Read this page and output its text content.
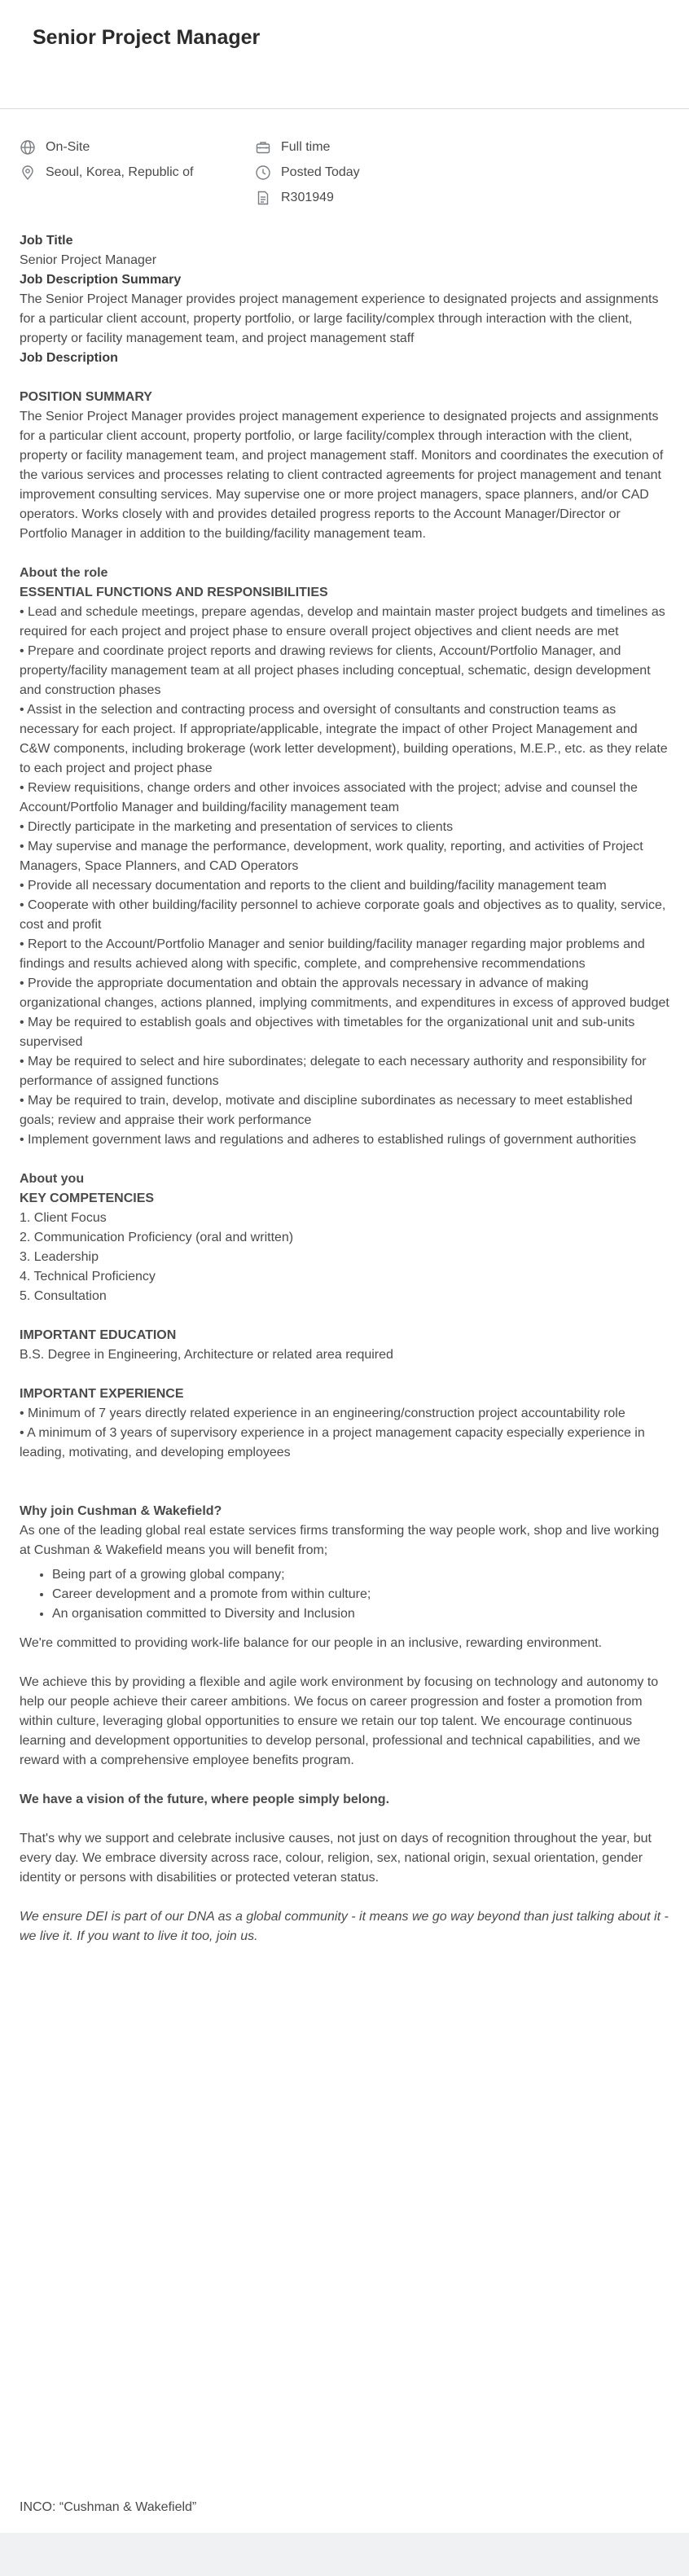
Senior Project Manager
On-Site
Seoul, Korea, Republic of
Full time
Posted Today
R301949

Job Title

Senior Project Manager

Job Description Summary

The Senior Project Manager provides project management experience to designated projects and assignments for a particular client account, property portfolio, or large facility/complex through interaction with the client, property or facility management team, and project management staff

Job Description

POSITION SUMMARY

The Senior Project Manager provides project management experience to designated projects and assignments for a particular client account, property portfolio, or large facility/complex through interaction with the client, property or facility management team, and project management staff. Monitors and coordinates the execution of the various services and processes relating to client contracted agreements for project management and tenant improvement consulting services. May supervise one or more project managers, space planners, and/or CAD operators. Works closely with and provides detailed progress reports to the Account Manager/Director or Portfolio Manager in addition to the building/facility management team.

About the role

ESSENTIAL FUNCTIONS AND RESPONSIBILITIES

• Lead and schedule meetings, prepare agendas, develop and maintain master project budgets and timelines as required for each project and project phase to ensure overall project objectives and client needs are met

• Prepare and coordinate project reports and drawing reviews for clients, Account/Portfolio Manager, and property/facility management team at all project phases including conceptual, schematic, design development and construction phases

• Assist in the selection and contracting process and oversight of consultants and construction teams as necessary for each project. If appropriate/applicable, integrate the impact of other Project Management and C&W components, including brokerage (work letter development), building operations, M.E.P., etc. as they relate to each project and project phase

• Review requisitions, change orders and other invoices associated with the project; advise and counsel the Account/Portfolio Manager and building/facility management team

• Directly participate in the marketing and presentation of services to clients

• May supervise and manage the performance, development, work quality, reporting, and activities of Project Managers, Space Planners, and CAD Operators

• Provide all necessary documentation and reports to the client and building/facility management team

• Cooperate with other building/facility personnel to achieve corporate goals and objectives as to quality, service, cost and profit

• Report to the Account/Portfolio Manager and senior building/facility manager regarding major problems and findings and results achieved along with specific, complete, and comprehensive recommendations

• Provide the appropriate documentation and obtain the approvals necessary in advance of making organizational changes, actions planned, implying commitments, and expenditures in excess of approved budget

• May be required to establish goals and objectives with timetables for the organizational unit and sub-units supervised

• May be required to select and hire subordinates; delegate to each necessary authority and responsibility for performance of assigned functions

• May be required to train, develop, motivate and discipline subordinates as necessary to meet established goals; review and appraise their work performance

• Implement government laws and regulations and adheres to established rulings of government authorities

About you

KEY COMPETENCIES

1. Client Focus

2. Communication Proficiency (oral and written)

3. Leadership

4. Technical Proficiency

5. Consultation

IMPORTANT EDUCATION

B.S. Degree in Engineering, Architecture or related area required

IMPORTANT EXPERIENCE

• Minimum of 7 years directly related experience in an engineering/construction project accountability role

• A minimum of 3 years of supervisory experience in a project management capacity especially experience in leading, motivating, and developing employees

Why join Cushman & Wakefield?

As one of the leading global real estate services firms transforming the way people work, shop and live working at Cushman & Wakefield means you will benefit from;

• Being part of a growing global company;
• Career development and a promote from within culture;
• An organisation committed to Diversity and Inclusion

We're committed to providing work-life balance for our people in an inclusive, rewarding environment.

We achieve this by providing a flexible and agile work environment by focusing on technology and autonomy to help our people achieve their career ambitions. We focus on career progression and foster a promotion from within culture, leveraging global opportunities to ensure we retain our top talent. We encourage continuous learning and development opportunities to develop personal, professional and technical capabilities, and we reward with a comprehensive employee benefits program.

We have a vision of the future, where people simply belong.

That's why we support and celebrate inclusive causes, not just on days of recognition throughout the year, but every day. We embrace diversity across race, colour, religion, sex, national origin, sexual orientation, gender identity or persons with disabilities or protected veteran status.

We ensure DEI is part of our DNA as a global community - it means we go way beyond than just talking about it - we live it. If you want to live it too, join us.

INCO: “Cushman & Wakefield”
